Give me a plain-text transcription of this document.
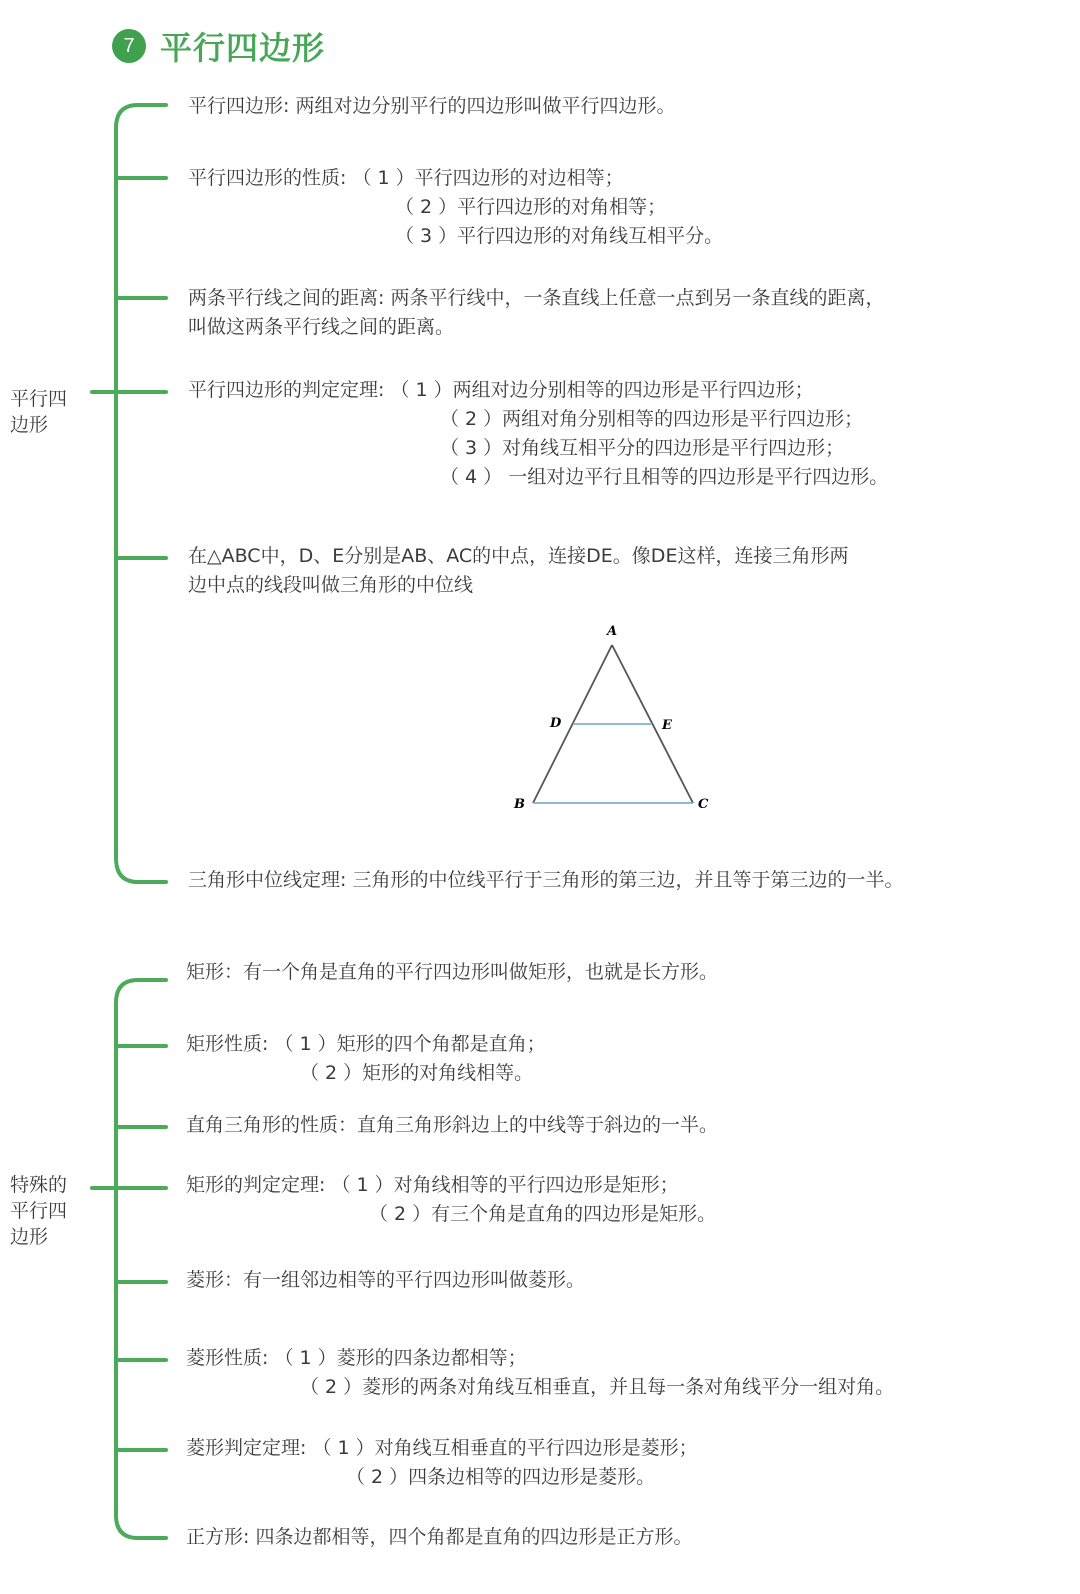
7 平行四边形
平行四
边形
平行四边形: 两组对边分别平行的四边形叫做平行四边形。
平行四边形的性质: （ 1 ）平行四边形的对边相等；
（ 2 ）平行四边形的对角相等；
（ 3 ）平行四边形的对角线互相平分。
两条平行线之间的距离: 两条平行线中，一条直线上任意一点到另一条直线的距离，
叫做这两条平行线之间的距离。
平行四边形的判定定理: （ 1 ）两组对边分别相等的四边形是平行四边形；
（ 2 ）两组对角分别相等的四边形是平行四边形；
（ 3 ）对角线互相平分的四边形是平行四边形；
（ 4 ） 一组对边平行且相等的四边形是平行四边形。
在△ABC中，D、E分别是AB、AC的中点，连接DE。像DE这样，连接三角形两
边中点的线段叫做三角形的中位线
A
D	E
B	C
三角形中位线定理: 三角形的中位线平行于三角形的第三边，并且等于第三边的一半。
特殊的
平行四
边形
矩形：有一个角是直角的平行四边形叫做矩形，也就是长方形。
矩形性质: （ 1 ）矩形的四个角都是直角；
（ 2 ）矩形的对角线相等。
直角三角形的性质：直角三角形斜边上的中线等于斜边的一半。
矩形的判定定理: （ 1 ）对角线相等的平行四边形是矩形；
（ 2 ）有三个角是直角的四边形是矩形。
菱形：有一组邻边相等的平行四边形叫做菱形。
菱形性质: （ 1 ）菱形的四条边都相等；
（ 2 ）菱形的两条对角线互相垂直，并且每一条对角线平分一组对角。
菱形判定定理: （ 1 ）对角线互相垂直的平行四边形是菱形；
（ 2 ）四条边相等的四边形是菱形。
正方形: 四条边都相等，四个角都是直角的四边形是正方形。
